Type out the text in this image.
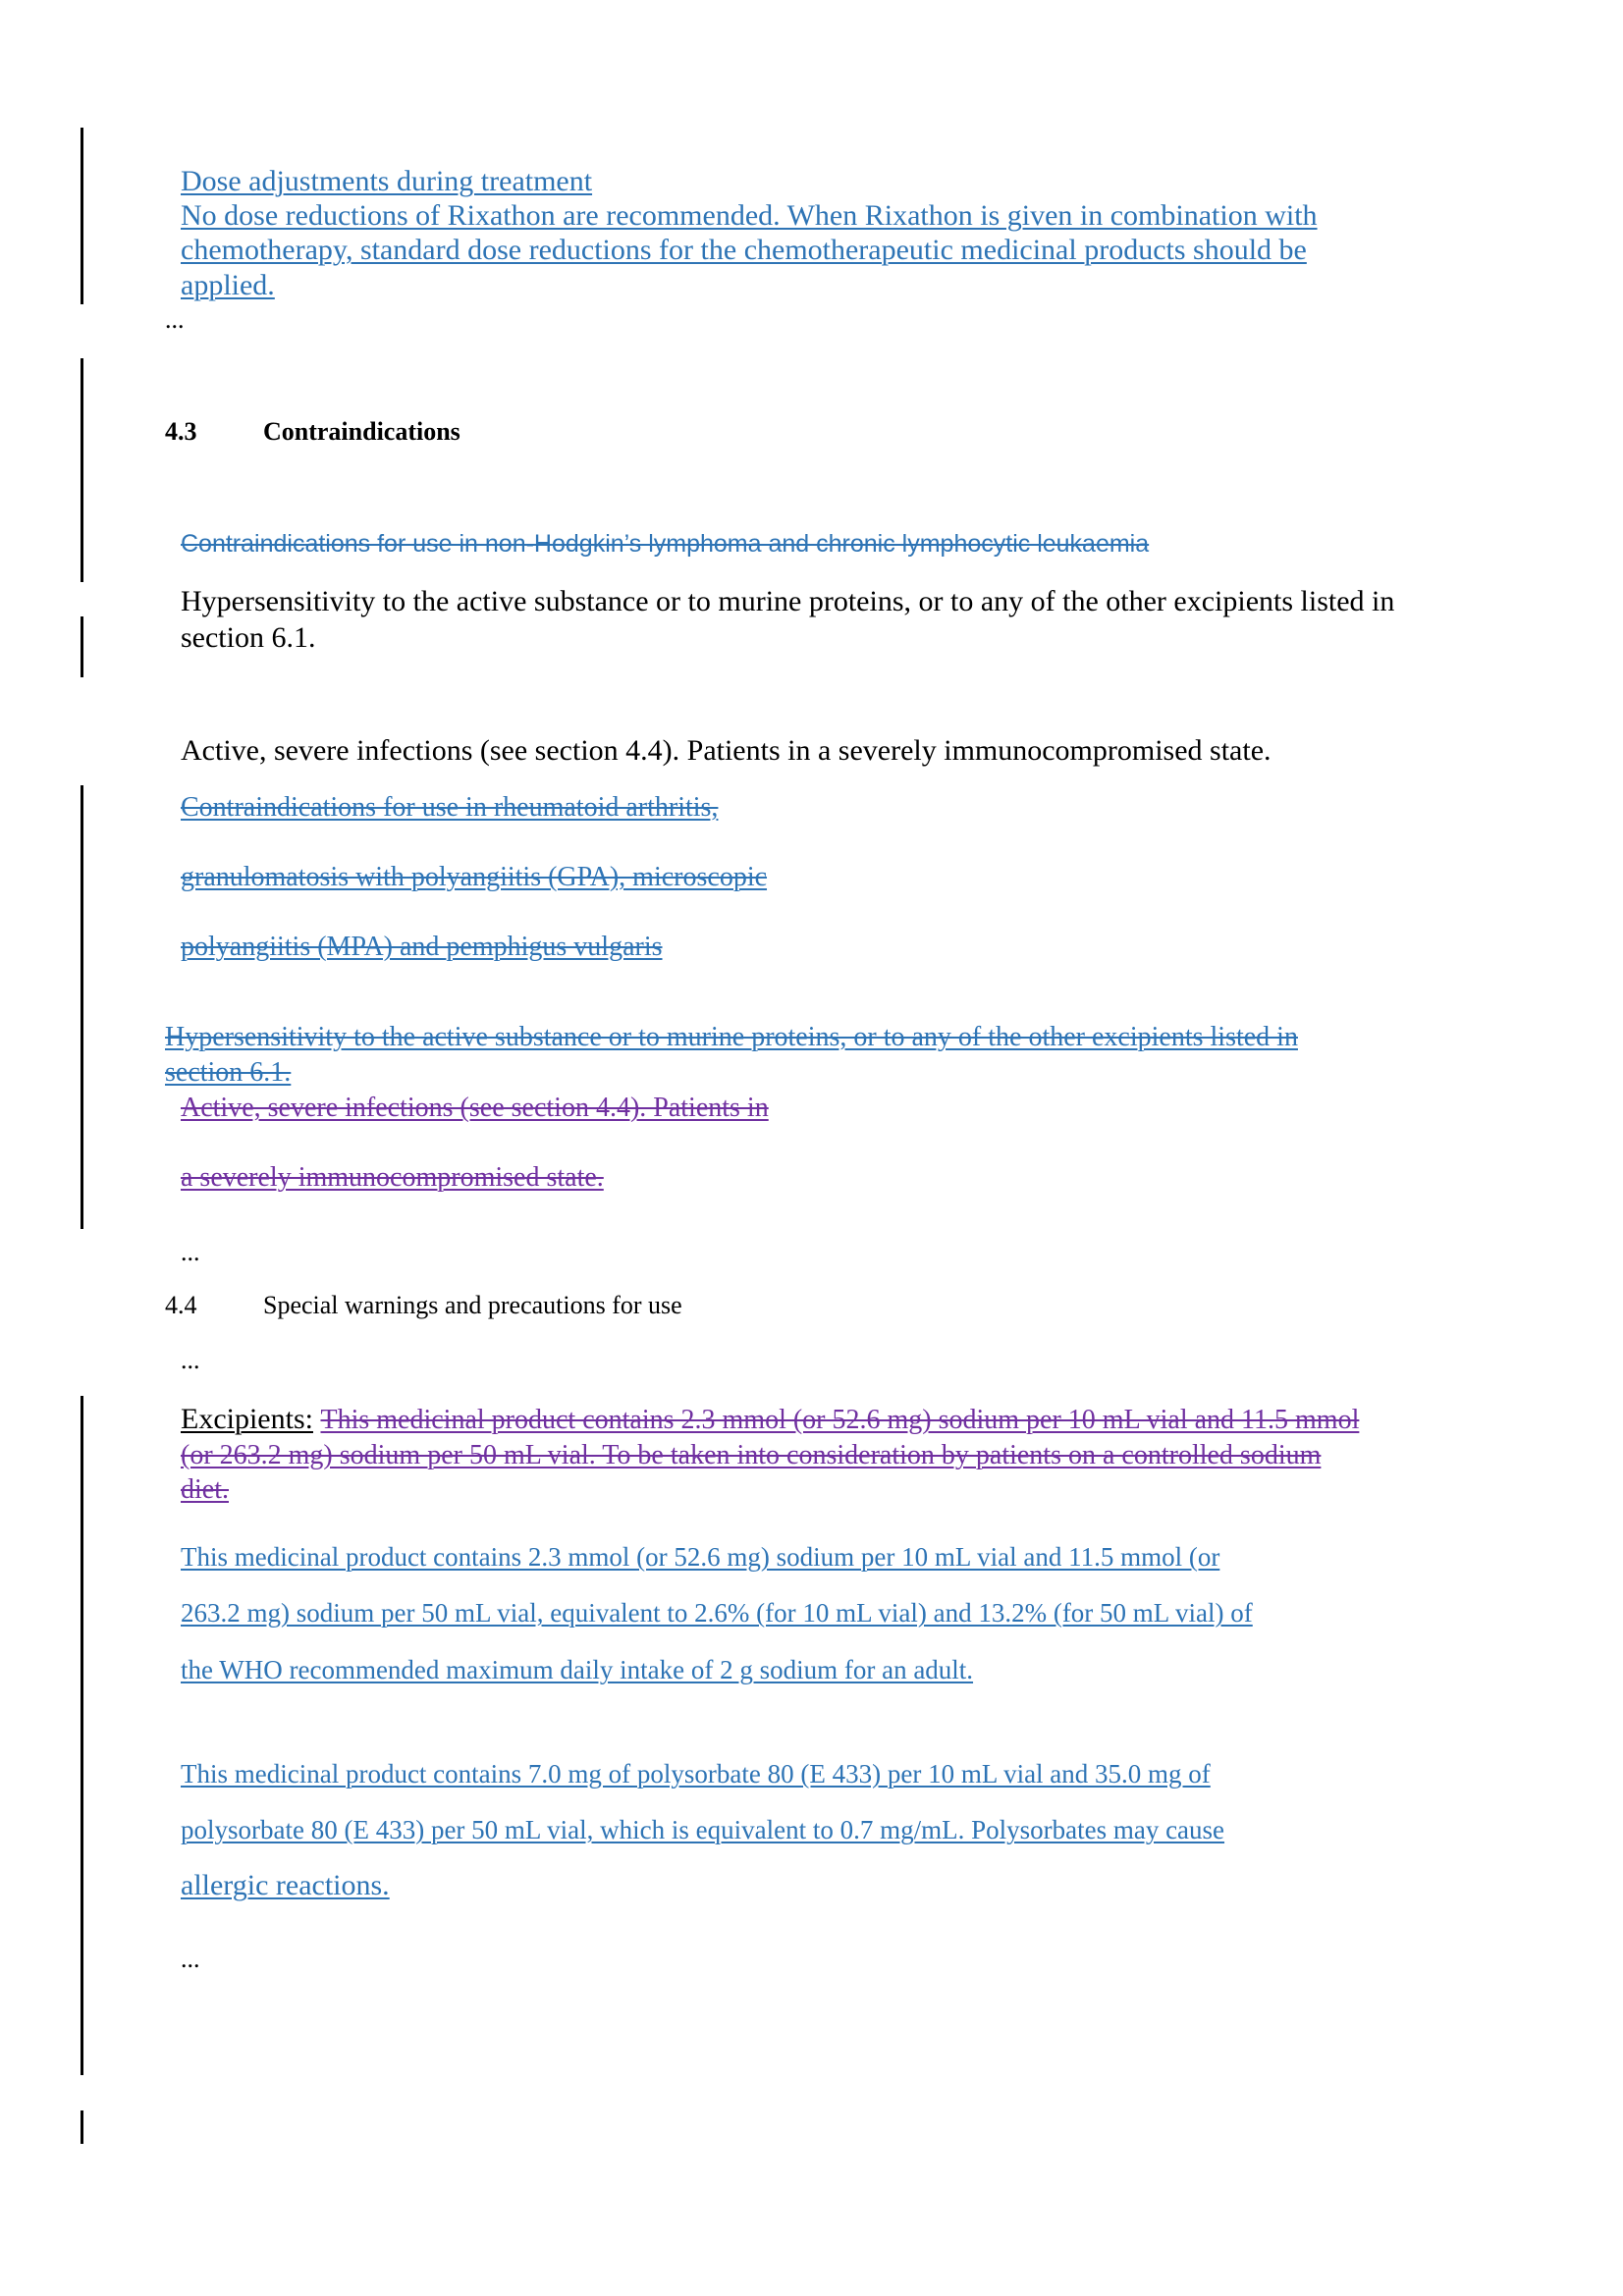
Dose adjustments during treatment
No dose reductions of Rixathon are recommended. When Rixathon is given in combination with
chemotherapy, standard dose reductions for the chemotherapeutic medicinal products should be
applied.
...
4.3	Contraindications
Contraindications for use in non-Hodgkin’s lymphoma and chronic lymphocytic leukaemia
Hypersensitivity to the active substance or to murine proteins, or to any of the other excipients listed in
section 6.1.
Active, severe infections (see section 4.4). Patients in a severely immunocompromised state.
Contraindications for use in rheumatoid arthritis,
granulomatosis with polyangiitis (GPA), microscopic
polyangiitis (MPA) and pemphigus vulgaris
Hypersensitivity to the active substance or to murine proteins, or to any of the other excipients listed in
section 6.1.
Active, severe infections (see section 4.4). Patients in
a severely immunocompromised state.
...
4.4	Special warnings and precautions for use
...
Excipients: This medicinal product contains 2.3 mmol (or 52.6 mg) sodium per 10 mL vial and 11.5 mmol
(or 263.2 mg) sodium per 50 mL vial. To be taken into consideration by patients on a controlled sodium
diet.
This medicinal product contains 2.3 mmol (or 52.6 mg) sodium per 10 mL vial and 11.5 mmol (or
263.2 mg) sodium per 50 mL vial, equivalent to 2.6% (for 10 mL vial) and 13.2% (for 50 mL vial) of
the WHO recommended maximum daily intake of 2 g sodium for an adult.
This medicinal product contains 7.0 mg of polysorbate 80 (E 433) per 10 mL vial and 35.0 mg of
polysorbate 80 (E 433) per 50 mL vial, which is equivalent to 0.7 mg/mL. Polysorbates may cause
allergic reactions.
...
